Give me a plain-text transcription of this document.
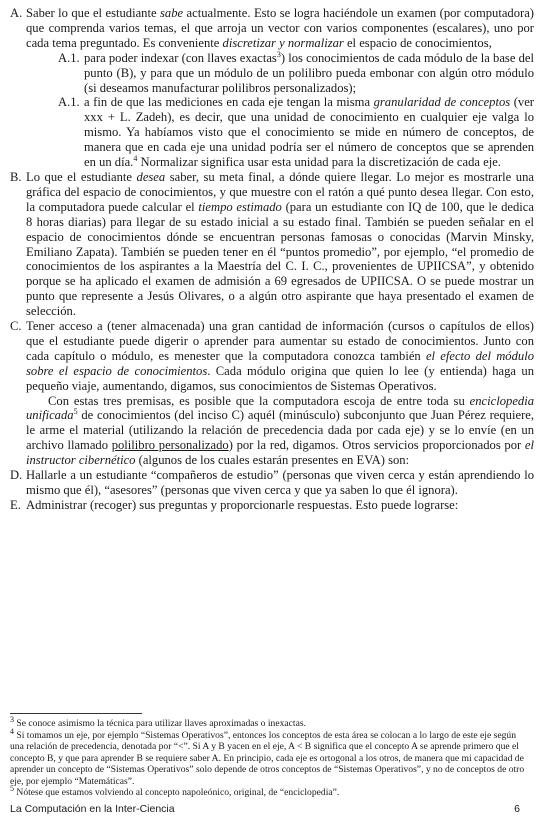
A. Saber lo que el estudiante sabe actualmente. Esto se logra haciéndole un examen (por computadora) que comprenda varios temas, el que arroja un vector con varios componentes (escalares), uno por cada tema preguntado. Es conveniente discretizar y normalizar el espacio de conocimientos,

A.1. para poder indexar (con llaves exactas$^3$) los conocimientos de cada módulo de la base del punto (B), y para que un módulo de un polilibro pueda embonar con algún otro módulo (si deseamos manufacturar polilibros personalizados);

A.1. a fin de que las mediciones en cada eje tengan la misma granularidad de conceptos (ver xxx + L. Zadeh), es decir, que una unidad de conocimiento en cualquier eje valga lo mismo. Ya habíamos visto que el conocimiento se mide en número de conceptos, de manera que en cada eje una unidad podría ser el número de conceptos que se aprenden en un día.$^4$ Normalizar significa usar esta unidad para la discretización de cada eje.

B. Lo que el estudiante desea saber, su meta final, a dónde quiere llegar. Lo mejor es mostrarle una gráfica del espacio de conocimientos, y que muestre con el ratón a qué punto desea llegar. Con esto, la computadora puede calcular el tiempo estimado (para un estudiante con IQ de 100, que le dedica 8 horas diarias) para llegar de su estado inicial a su estado final. También se pueden señalar en el espacio de conocimientos dónde se encuentran personas famosas o conocidas (Marvin Minsky, Emiliano Zapata). También se pueden tener en él “puntos promedio”, por ejemplo, “el promedio de conocimientos de los aspirantes a la Maestría del C. I. C., provenientes de UPIICSA”, y obtenido porque se ha aplicado el examen de admisión a 69 egresados de UPIICSA. O se puede mostrar un punto que represente a Jesús Olivares, o a algún otro aspirante que haya presentado el examen de selección.

C. Tener acceso a (tener almacenada) una gran cantidad de información (cursos o capítulos de ellos) que el estudiante puede digerir o aprender para aumentar su estado de conocimientos. Junto con cada capítulo o módulo, es menester que la computadora conozca también el efecto del módulo sobre el espacio de conocimientos. Cada módulo origina que quien lo lee (y entienda) haga un pequeño viaje, aumentando, digamos, sus conocimientos de Sistemas Operativos.

Con estas tres premisas, es posible que la computadora escoja de entre toda su enciclopedia unificada$^5$ de conocimientos (del inciso C) aquél (minúsculo) subconjunto que Juan Pérez requiere, le arme el material (utilizando la relación de precedencia dada por cada eje) y se lo envíe (en un archivo llamado polilibro personalizado) por la red, digamos. Otros servicios proporcionados por el instructor cibernético (algunos de los cuales estarán presentes en EVA) son:

D. Hallarle a un estudiante “compañeros de estudio” (personas que viven cerca y están aprendiendo lo mismo que él), “asesores” (personas que viven cerca y que ya saben lo que él ignora).

E. Administrar (recoger) sus preguntas y proporcionarle respuestas. Esto puede lograrse:

$^3$ Se conoce asimismo la técnica para utilizar llaves aproximadas o inexactas.

$^4$ Si tomamos un eje, por ejemplo “Sistemas Operativos”, entonces los conceptos de esta área se colocan a lo largo de este eje según una relación de precedencia, denotada por “<”. Si A y B yacen en el eje, A < B significa que el concepto A se aprende primero que el concepto B, y que para aprender B se requiere saber A. En principio, cada eje es ortogonal a los otros, de manera que mi capacidad de aprender un concepto de “Sistemas Operativos” solo depende de otros conceptos de “Sistemas Operativos”, y no de conceptos de otro eje, por ejemplo “Matemáticas”.

$^5$ Nótese que estamos volviendo al concepto napoleónico, original, de “enciclopedia”.

La Computación en la Inter-Ciencia	6
